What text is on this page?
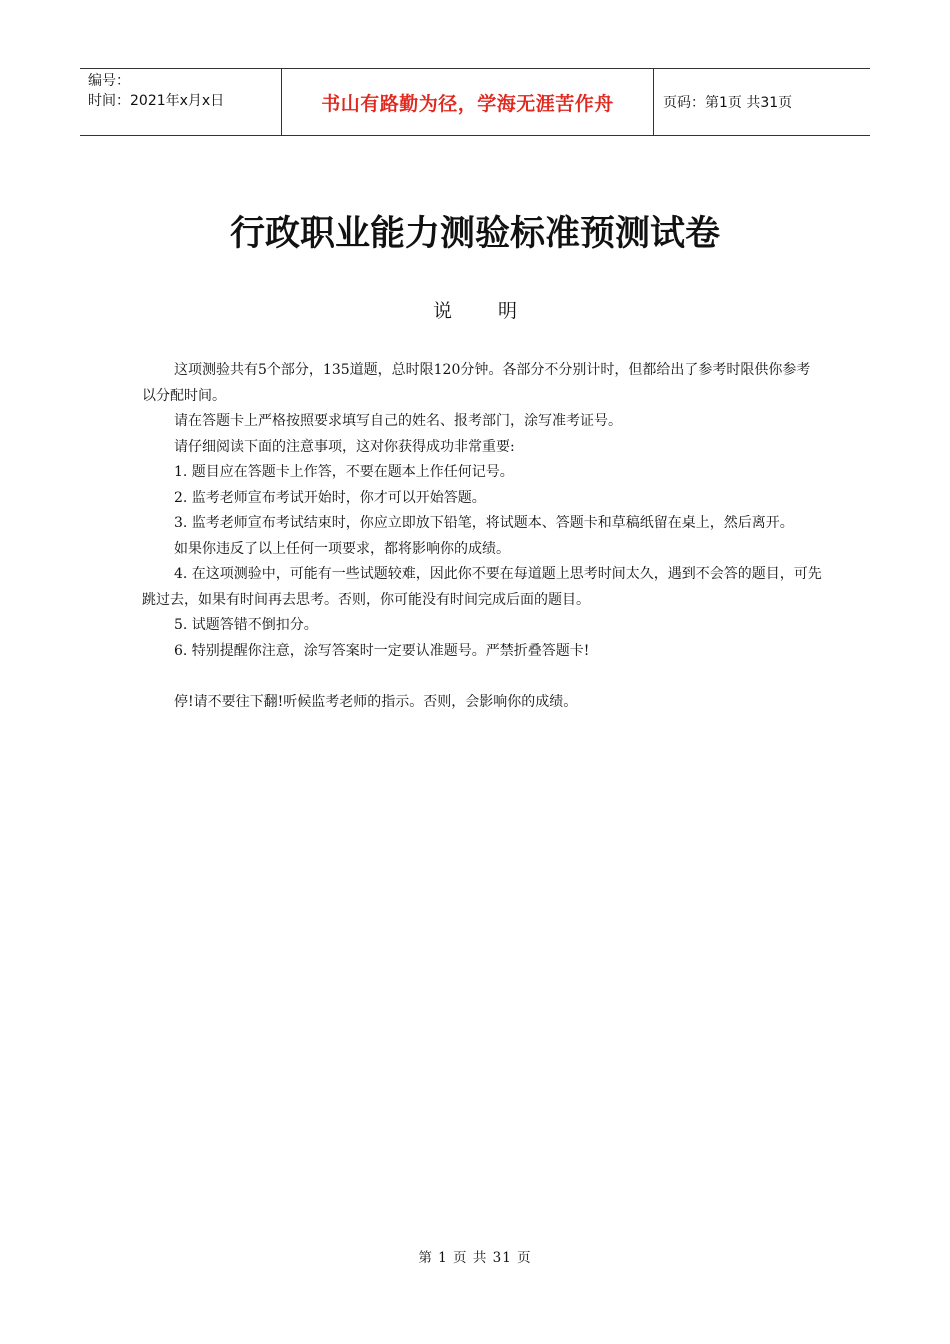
编号：
时间：2021年x月x日	书山有路勤为径，学海无涯苦作舟	页码：第1页 共31页
行政职业能力测验标准预测试卷
说明

这项测验共有5个部分，135道题，总时限120分钟。各部分不分别计时，但都给出了参考时限供你参考以分配时间。

请在答题卡上严格按照要求填写自己的姓名、报考部门，涂写准考证号。

请仔细阅读下面的注意事项，这对你获得成功非常重要:

1. 题目应在答题卡上作答，不要在题本上作任何记号。

2. 监考老师宣布考试开始时，你才可以开始答题。

3. 监考老师宣布考试结束时，你应立即放下铅笔，将试题本、答题卡和草稿纸留在桌上，然后离开。

如果你违反了以上任何一项要求，都将影响你的成绩。

4. 在这项测验中，可能有一些试题较难，因此你不要在每道题上思考时间太久，遇到不会答的题目，可先跳过去，如果有时间再去思考。否则，你可能没有时间完成后面的题目。

5. 试题答错不倒扣分。

6. 特别提醒你注意，涂写答案时一定要认准题号。严禁折叠答题卡!

停!请不要往下翻!听候监考老师的指示。否则，会影响你的成绩。

第 1 页 共 31 页
